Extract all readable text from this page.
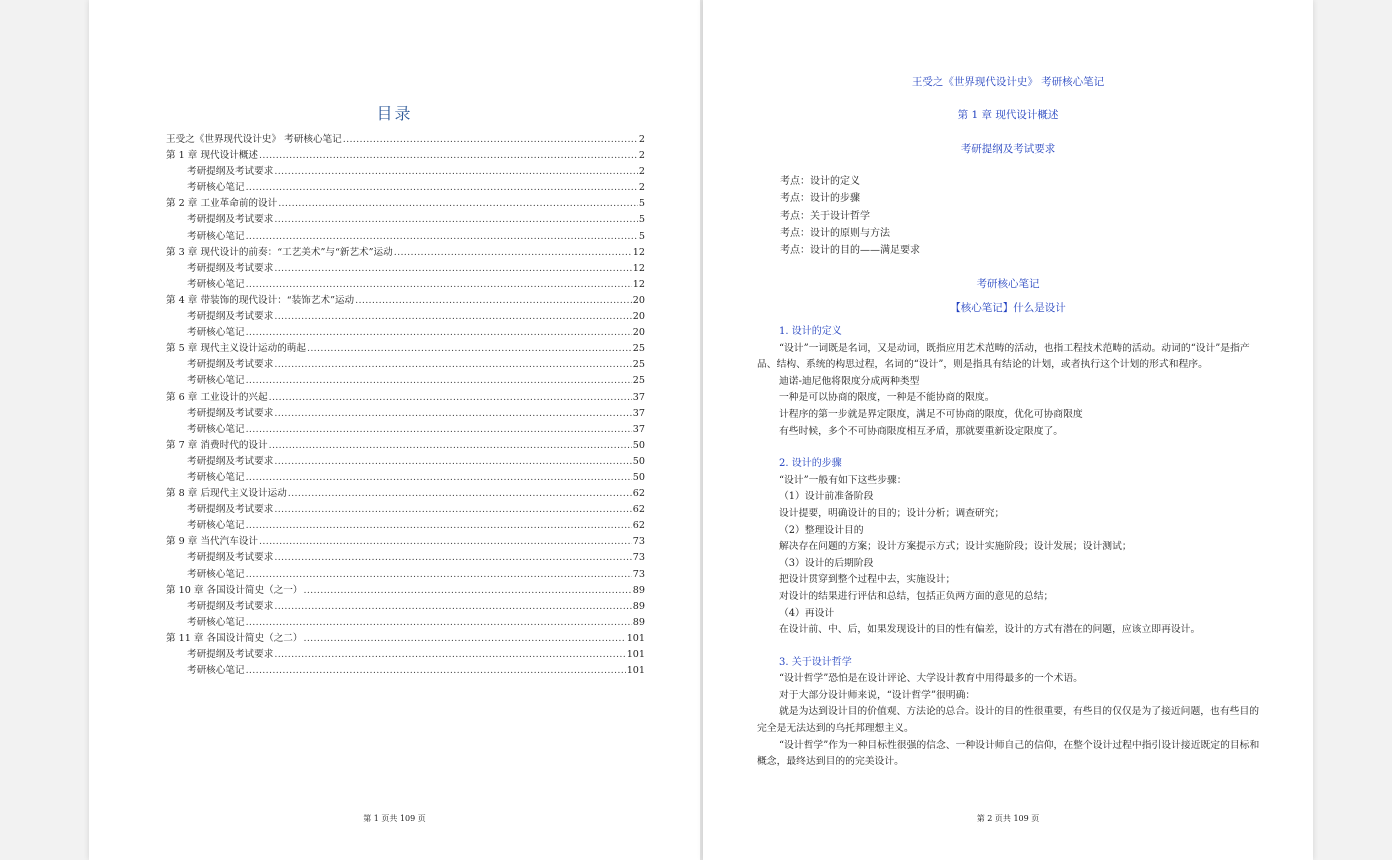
目录
王受之《世界现代设计史》 考研核心笔记 .....	2
第 1 章 现代设计概述 .....	2
考研提纲及考试要求 .....	2
考研核心笔记 .....	2
第 2 章 工业革命前的设计 .....	5
考研提纲及考试要求 .....	5
考研核心笔记 .....	5
第 3 章 现代设计的前奏：“工艺美术”与“新艺术”运动 .....	12
考研提纲及考试要求 .....	12
考研核心笔记 .....	12
第 4 章 带装饰的现代设计：“装饰艺术”运动 .....	20
考研提纲及考试要求 .....	20
考研核心笔记 .....	20
第 5 章 现代主义设计运动的萌起 .....	25
考研提纲及考试要求 .....	25
考研核心笔记 .....	25
第 6 章 工业设计的兴起 .....	37
考研提纲及考试要求 .....	37
考研核心笔记 .....	37
第 7 章 消费时代的设计 .....	50
考研提纲及考试要求 .....	50
考研核心笔记 .....	50
第 8 章 后现代主义设计运动 .....	62
考研提纲及考试要求 .....	62
考研核心笔记 .....	62
第 9 章 当代汽车设计 .....	73
考研提纲及考试要求 .....	73
考研核心笔记 .....	73
第 10 章 各国设计简史（之一） .....	89
考研提纲及考试要求 .....	89
考研核心笔记 .....	89
第 11 章 各国设计简史（之二） .....	101
考研提纲及考试要求 .....	101
考研核心笔记 .....	101
第 1 页共 109 页
王受之《世界现代设计史》 考研核心笔记
第 1 章 现代设计概述
考研提纲及考试要求

考点：设计的定义

考点：设计的步骤

考点：关于设计哲学

考点：设计的原则与方法

考点：设计的目的——满足要求

考研核心笔记
【核心笔记】什么是设计

1. 设计的定义

“设计”一词既是名词，又是动词，既指应用艺术范畴的活动，也指工程技术范畴的活动。动词的“设计”是指产品、结构、系统的构思过程，名词的“设计”，则是指具有结论的计划，或者执行这个计划的形式和程序。

迪诺-迪尼他将限度分成两种类型

一种是可以协商的限度，一种是不能协商的限度。

计程序的第一步就是界定限度，满足不可协商的限度，优化可协商限度

有些时候，多个不可协商限度相互矛盾，那就要重新设定限度了。

2. 设计的步骤

“设计”一般有如下这些步骤：

（1）设计前准备阶段

设计提要，明确设计的目的；设计分析；调查研究；

（2）整理设计目的

解决存在问题的方案；设计方案提示方式；设计实施阶段；设计发展；设计测试；

（3）设计的后期阶段

把设计贯穿到整个过程中去，实施设计；

对设计的结果进行评估和总结，包括正负两方面的意见的总结；

（4）再设计

在设计前、中、后，如果发现设计的目的性有偏差，设计的方式有潜在的问题，应该立即再设计。

3. 关于设计哲学

“设计哲学”恐怕是在设计评论、大学设计教育中用得最多的一个术语。

对于大部分设计师来说，“设计哲学”很明确：

就是为达到设计目的价值观、方法论的总合。设计的目的性很重要，有些目的仅仅是为了接近问题，也有些目的完全是无法达到的乌托邦理想主义。

“设计哲学”作为一种目标性很强的信念、一种设计师自己的信仰，在整个设计过程中指引设计接近既定的目标和概念，最终达到目的的完美设计。

第 2 页共 109 页
